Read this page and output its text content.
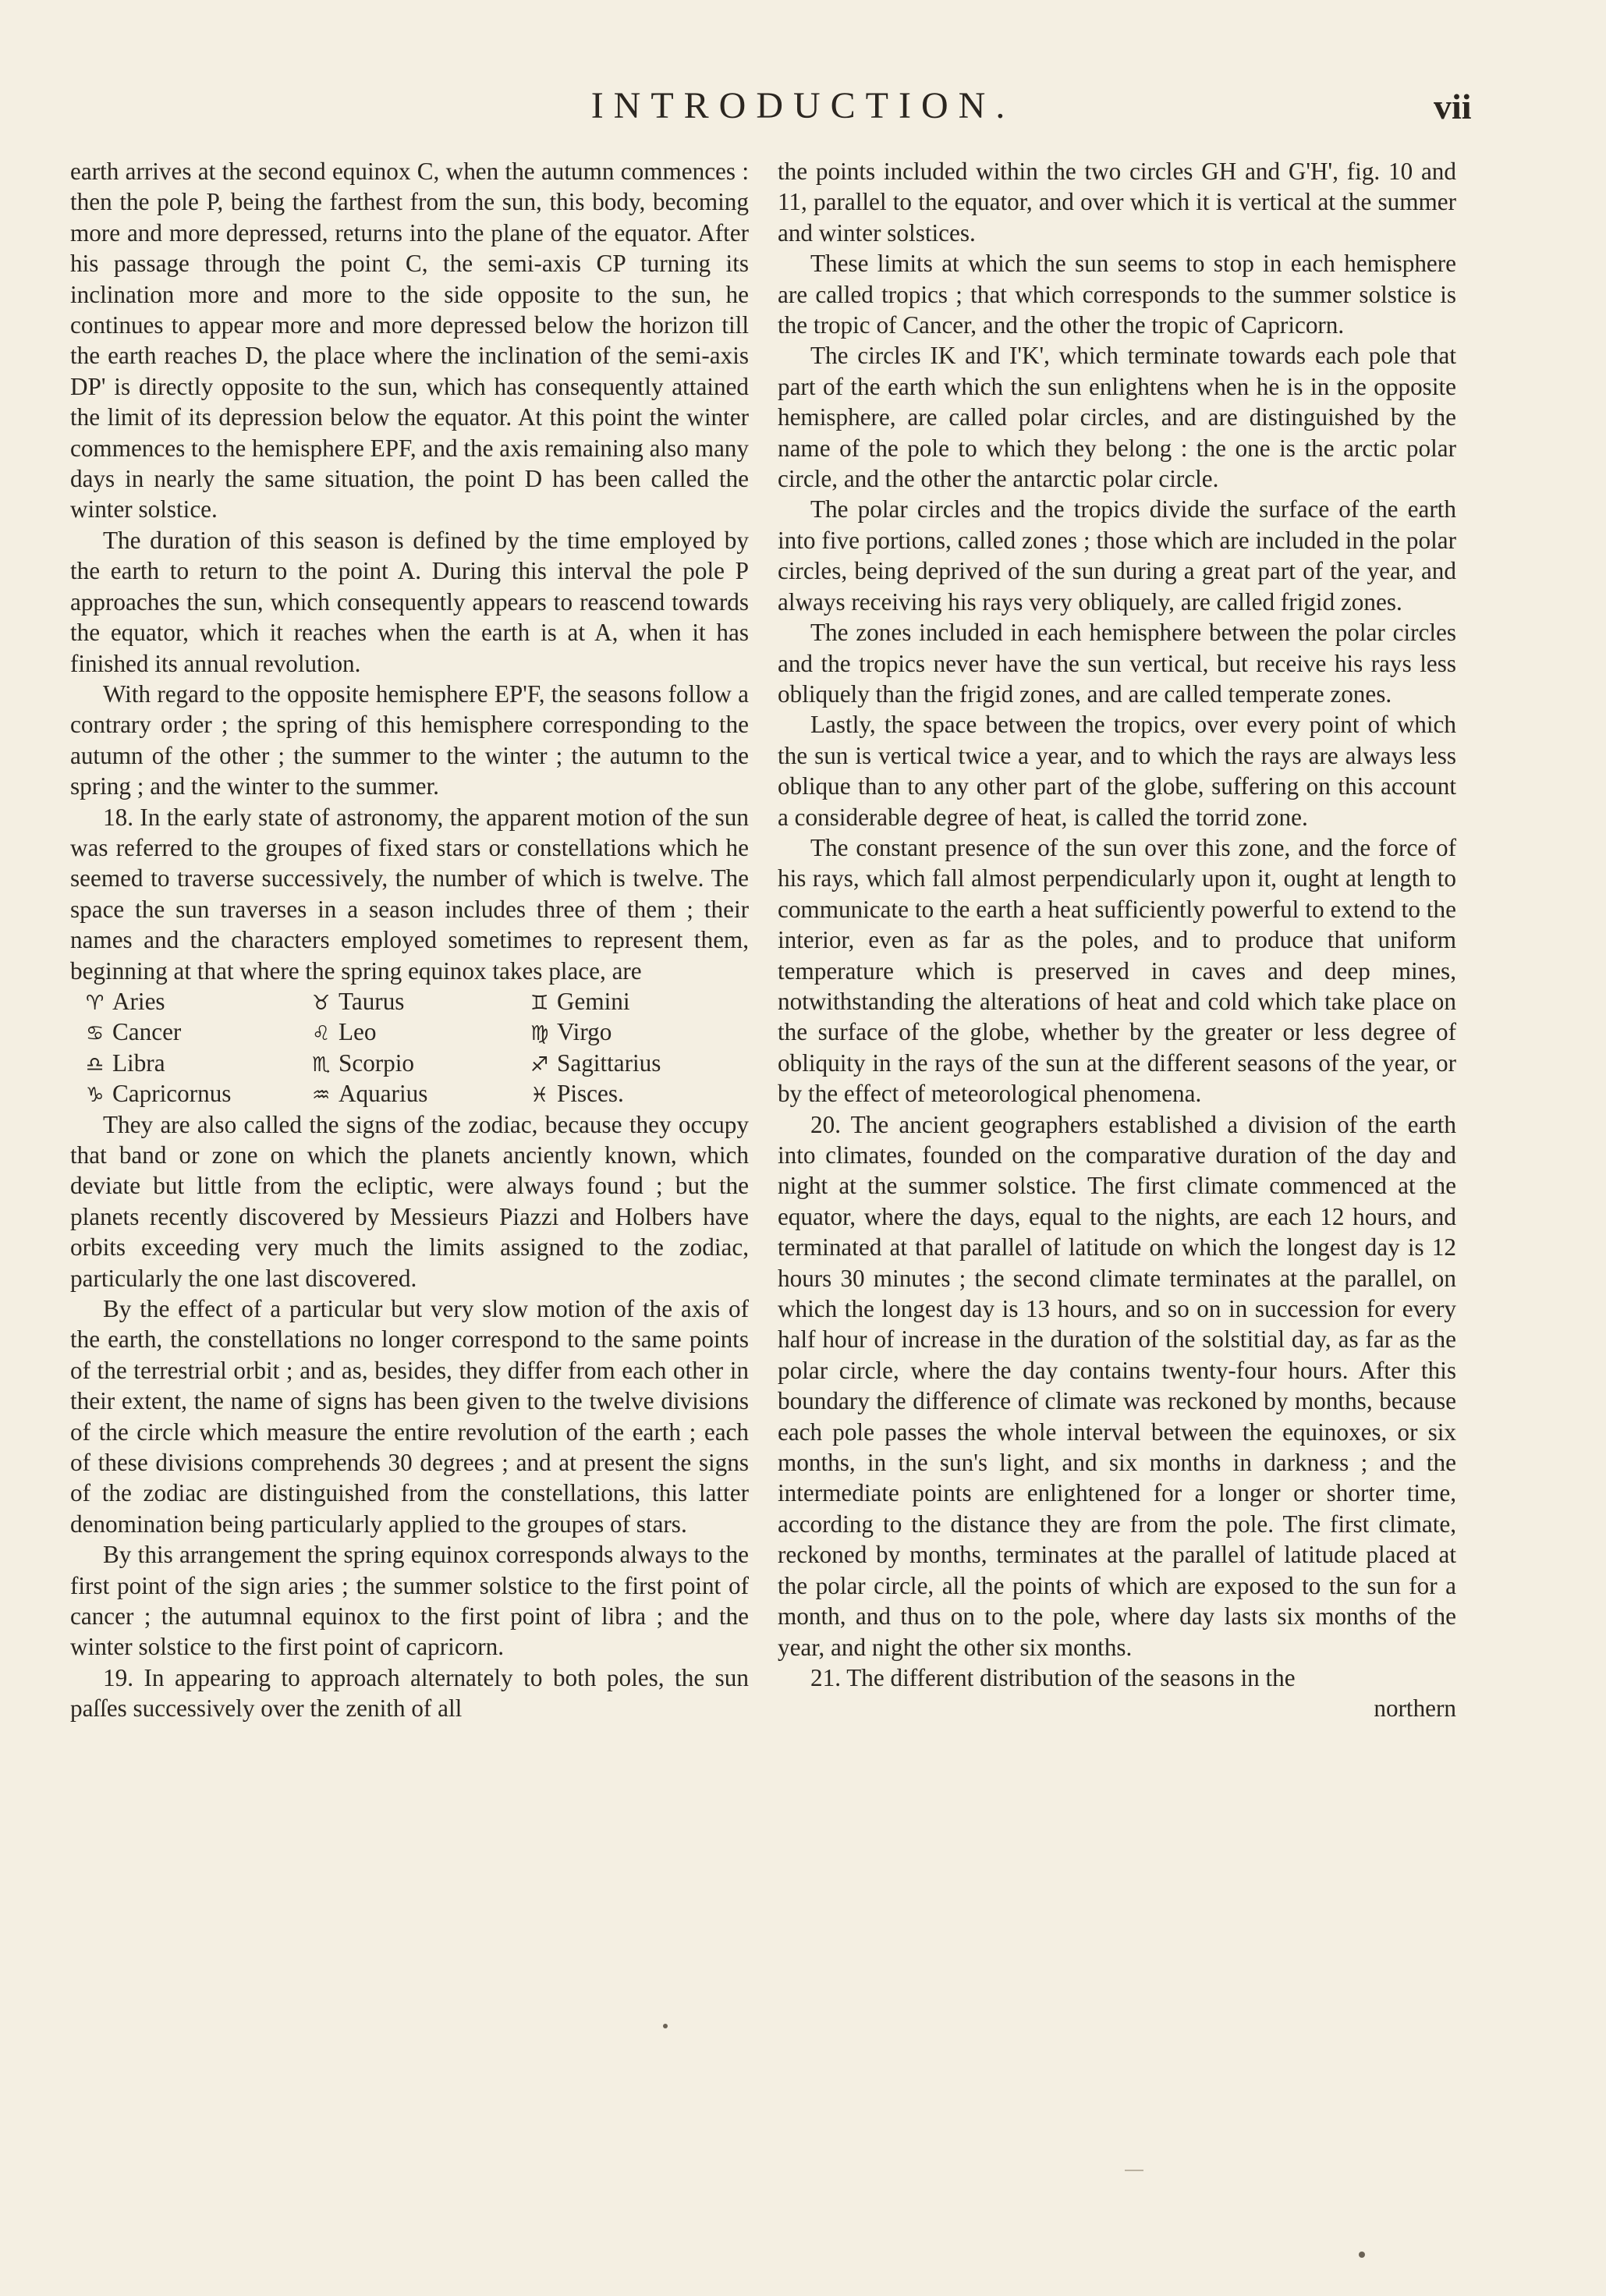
INTRODUCTION.	vii

earth arrives at the second equinox C, when the autumn commences : then the pole P, being the farthest from the sun, this body, becoming more and more depressed, returns into the plane of the equator. After his passage through the point C, the semi-axis CP turning its inclination more and more to the side opposite to the sun, he continues to appear more and more depressed below the horizon till the earth reaches D, the place where the inclination of the semi-axis DP' is directly opposite to the sun, which has consequently attained the limit of its depression below the equator. At this point the winter commences to the hemisphere EPF, and the axis remaining also many days in nearly the same situation, the point D has been called the winter solstice.

The duration of this season is defined by the time employed by the earth to return to the point A. During this interval the pole P approaches the sun, which consequently appears to reascend towards the equator, which it reaches when the earth is at A, when it has finished its annual revolution.

With regard to the opposite hemisphere EP'F, the seasons follow a contrary order ; the spring of this hemisphere corresponding to the autumn of the other ; the summer to the winter ; the autumn to the spring ; and the winter to the summer.

18. In the early state of astronomy, the apparent motion of the sun was referred to the groupes of fixed stars or constellations which he seemed to traverse successively, the number of which is twelve. The space the sun traverses in a season includes three of them ; their names and the characters employed sometimes to represent them, beginning at that where the spring equinox takes place, are

♈ Aries	♉ Taurus	♊ Gemini
♋ Cancer	♌ Leo	♍ Virgo
♎ Libra	♏ Scorpio	♐ Sagittarius
♑ Capricornus	♒ Aquarius	♓ Pisces.

They are also called the signs of the zodiac, because they occupy that band or zone on which the planets anciently known, which deviate but little from the ecliptic, were always found ; but the planets recently discovered by Messieurs Piazzi and Holbers have orbits exceeding very much the limits assigned to the zodiac, particularly the one last discovered.

By the effect of a particular but very slow motion of the axis of the earth, the constellations no longer correspond to the same points of the terrestrial orbit ; and as, besides, they differ from each other in their extent, the name of signs has been given to the twelve divisions of the circle which measure the entire revolution of the earth ; each of these divisions comprehends 30 degrees ; and at present the signs of the zodiac are distinguished from the constellations, this latter denomination being particularly applied to the groupes of stars.

By this arrangement the spring equinox corresponds always to the first point of the sign aries ; the summer solstice to the first point of cancer ; the autumnal equinox to the first point of libra ; and the winter solstice to the first point of capricorn.

19. In appearing to approach alternately to both poles, the sun paſſes successively over the zenith of all

the points included within the two circles GH and G'H', fig. 10 and 11, parallel to the equator, and over which it is vertical at the summer and winter solstices.

These limits at which the sun seems to stop in each hemisphere are called tropics ; that which corresponds to the summer solstice is the tropic of Cancer, and the other the tropic of Capricorn.

The circles IK and I'K', which terminate towards each pole that part of the earth which the sun enlightens when he is in the opposite hemisphere, are called polar circles, and are distinguished by the name of the pole to which they belong : the one is the arctic polar circle, and the other the antarctic polar circle.

The polar circles and the tropics divide the surface of the earth into five portions, called zones ; those which are included in the polar circles, being deprived of the sun during a great part of the year, and always receiving his rays very obliquely, are called frigid zones.

The zones included in each hemisphere between the polar circles and the tropics never have the sun vertical, but receive his rays less obliquely than the frigid zones, and are called temperate zones.

Lastly, the space between the tropics, over every point of which the sun is vertical twice a year, and to which the rays are always less oblique than to any other part of the globe, suffering on this account a considerable degree of heat, is called the torrid zone.

The constant presence of the sun over this zone, and the force of his rays, which fall almost perpendicularly upon it, ought at length to communicate to the earth a heat sufficiently powerful to extend to the interior, even as far as the poles, and to produce that uniform temperature which is preserved in caves and deep mines, notwithstanding the alterations of heat and cold which take place on the surface of the globe, whether by the greater or less degree of obliquity in the rays of the sun at the different seasons of the year, or by the effect of meteorological phenomena.

20. The ancient geographers established a division of the earth into climates, founded on the comparative duration of the day and night at the summer solstice. The first climate commenced at the equator, where the days, equal to the nights, are each 12 hours, and terminated at that parallel of latitude on which the longest day is 12 hours 30 minutes ; the second climate terminates at the parallel, on which the longest day is 13 hours, and so on in succession for every half hour of increase in the duration of the solstitial day, as far as the polar circle, where the day contains twenty-four hours. After this boundary the difference of climate was reckoned by months, because each pole passes the whole interval between the equinoxes, or six months, in the sun's light, and six months in darkness ; and the intermediate points are enlightened for a longer or shorter time, according to the distance they are from the pole. The first climate, reckoned by months, terminates at the parallel of latitude placed at the polar circle, all the points of which are exposed to the sun for a month, and thus on to the pole, where day lasts six months of the year, and night the other six months.

21. The different distribution of the seasons in the

northern
